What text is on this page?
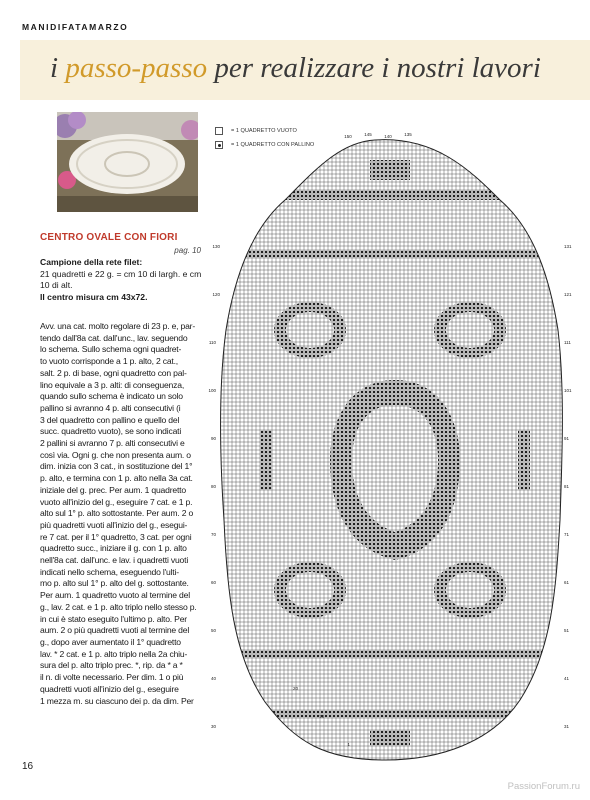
MANIDIFATAMARZO
i passo-passo per realizzare i nostri lavori
CENTRO OVALE CON FIORI
pag. 10
Campione della rete filet:
21 quadretti e 22 g. = cm 10 di largh. e cm 10 di alt.
Il centro misura cm 43x72.
Avv. una cat. molto regolare di 23 p. e, par-
tendo dall'8a cat. dall'unc., lav. seguendo
lo schema. Sullo schema ogni quadret-
to vuoto corrisponde a 1 p. alto, 2 cat.,
salt. 2 p. di base, ogni quadretto con pal-
lino equivale a 3 p. alti: di conseguenza,
quando sullo schema è indicato un solo
pallino si avranno 4 p. alti consecutivi (i
3 del quadretto con pallino e quello del
succ. quadretto vuoto), se sono indicati
2 pallini si avranno 7 p. alti consecutivi e
così via. Ogni g. che non presenta aum. o
dim. inizia con 3 cat., in sostituzione del 1°
p. alto, e termina con 1 p. alto nella 3a cat.
iniziale del g. prec. Per aum. 1 quadretto
vuoto all'inizio del g., eseguire 7 cat. e 1 p.
alto sul 1° p. alto sottostante. Per aum. 2 o
più quadretti vuoti all'inizio del g., esegui-
re 7 cat. per il 1° quadretto, 3 cat. per ogni
quadretto succ., iniziare il g. con 1 p. alto
nell'8a cat. dall'unc. e lav. i quadretti vuoti
indicati nello schema, eseguendo l'ulti-
mo p. alto sul 1° p. alto del g. sottostante.
Per aum. 1 quadretto vuoto al termine del
g., lav. 2 cat. e 1 p. alto triplo nello stesso p.
in cui è stato eseguito l'ultimo p. alto. Per
aum. 2 o più quadretti vuoti al termine del
g., dopo aver aumentato il 1° quadretto
lav. * 2 cat. e 1 p. alto triplo nella 2a chiu-
sura del p. alto triplo prec. *, rip. da * a *
il n. di volte necessario. Per dim. 1 o più
quadretti vuoti all'inizio del g., eseguire
1 mezza m. su ciascuno dei p. da dim. Per
= 1 QUADRETTO VUOTO
= 1 QUADRETTO CON PALLINO
150	145	140	135
130
120
110
100
90
80
70
60
50
40
30
131
121
111
101
91
81
71
61
51
41
31
20
10
1
16
PassionForum.ru
